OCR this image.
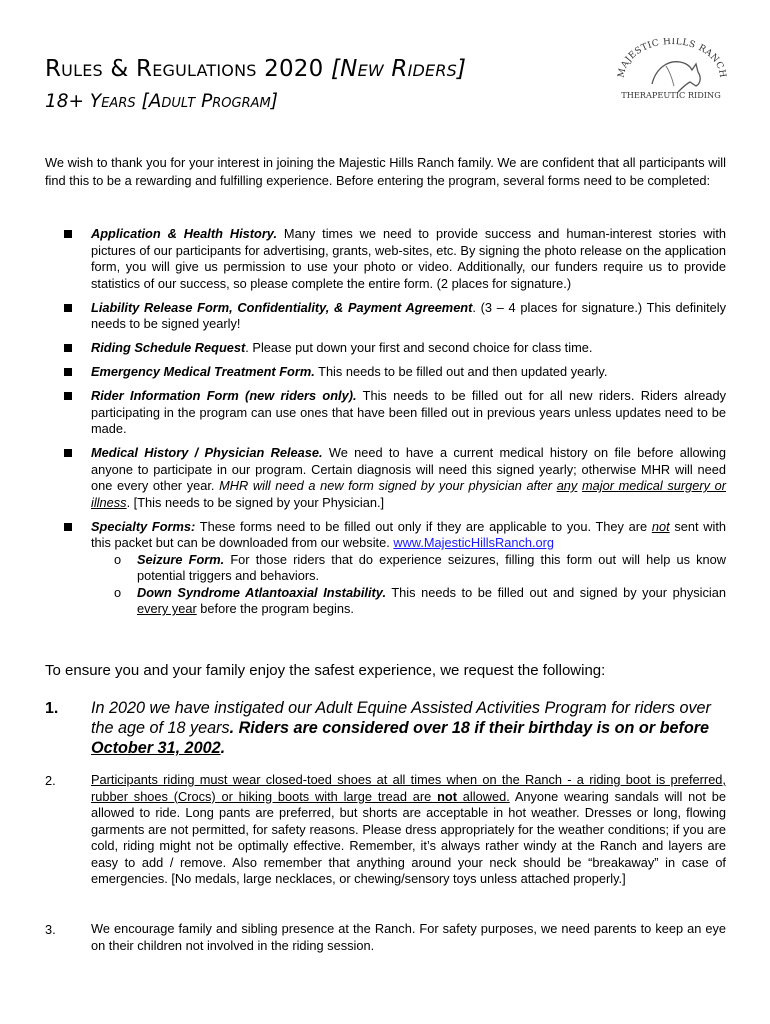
Rules & Regulations 2020 [New Riders]
18+ Years [Adult Program]
MAJESTIC HILLS RANCH
THERAPEUTIC RIDING
We wish to thank you for your interest in joining the Majestic Hills Ranch family. We are confident that all participants will find this to be a rewarding and fulfilling experience. Before entering the program, several forms need to be completed:
Application & Health History. Many times we need to provide success and human-interest stories with pictures of our participants for advertising, grants, web-sites, etc. By signing the photo release on the application form, you will give us permission to use your photo or video. Additionally, our funders require us to provide statistics of our success, so please complete the entire form. (2 places for signature.)
Liability Release Form, Confidentiality, & Payment Agreement. (3 – 4 places for signature.) This definitely needs to be signed yearly!
Riding Schedule Request. Please put down your first and second choice for class time.
Emergency Medical Treatment Form. This needs to be filled out and then updated yearly.
Rider Information Form (new riders only). This needs to be filled out for all new riders. Riders already participating in the program can use ones that have been filled out in previous years unless updates need to be made.
Medical History / Physician Release. We need to have a current medical history on file before allowing anyone to participate in our program. Certain diagnosis will need this signed yearly; otherwise MHR will need one every other year. MHR will need a new form signed by your physician after any major medical surgery or illness. [This needs to be signed by your Physician.]
Specialty Forms: These forms need to be filled out only if they are applicable to you. They are not sent with this packet but can be downloaded from our website. www.MajesticHillsRanch.org
o Seizure Form. For those riders that do experience seizures, filling this form out will help us know potential triggers and behaviors.
o Down Syndrome Atlantoaxial Instability. This needs to be filled out and signed by your physician every year before the program begins.
To ensure you and your family enjoy the safest experience, we request the following:
1. In 2020 we have instigated our Adult Equine Assisted Activities Program for riders over the age of 18 years. Riders are considered over 18 if their birthday is on or before October 31, 2002.
2.	Participants riding must wear closed-toed shoes at all times when on the Ranch - a riding boot is preferred, rubber shoes (Crocs) or hiking boots with large tread are not allowed. Anyone wearing sandals will not be allowed to ride. Long pants are preferred, but shorts are acceptable in hot weather. Dresses or long, flowing garments are not permitted, for safety reasons. Please dress appropriately for the weather conditions; if you are cold, riding might not be optimally effective. Remember, it’s always rather windy at the Ranch and layers are easy to add / remove. Also remember that anything around your neck should be “breakaway” in case of emergencies. [No medals, large necklaces, or chewing/sensory toys unless attached properly.]
3.	We encourage family and sibling presence at the Ranch. For safety purposes, we need parents to keep an eye on their children not involved in the riding session.
